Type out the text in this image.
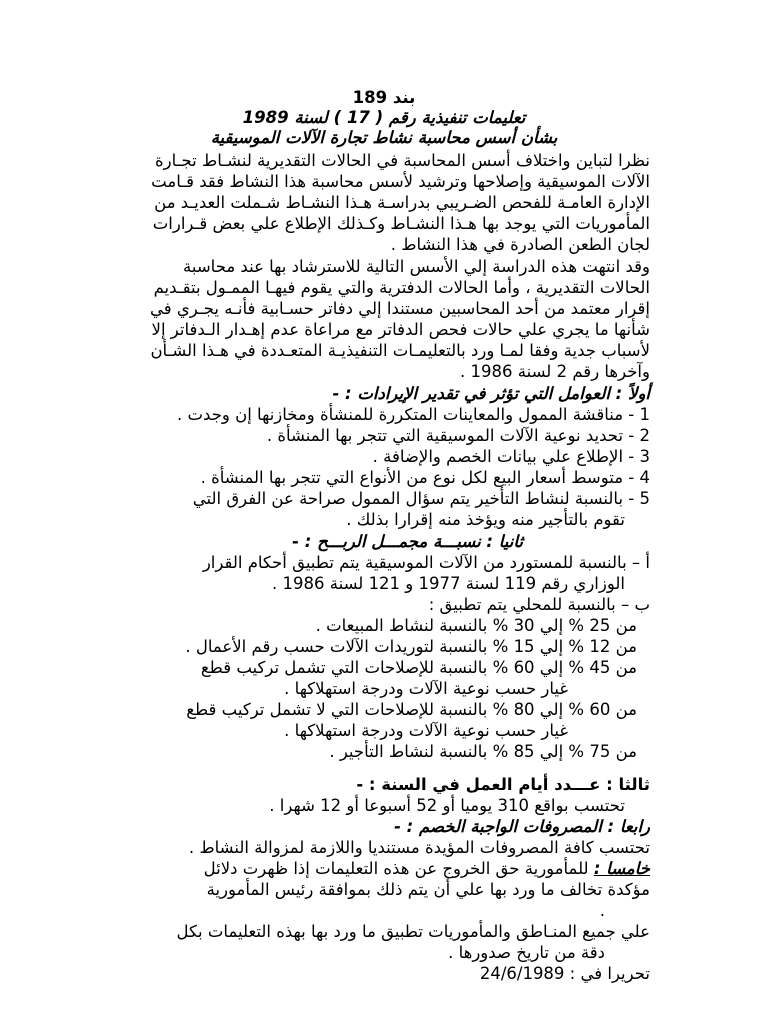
بند 189
تعليمات تنفيذية رقم ( 17 ) لسنة 1989
بشأن أسس محاسبة نشاط تجارة الآلات الموسيقية
نظرا لتباين واختلاف أسس المحاسبة في الحالات التقديرية لنشـاط تجـارة
الآلات الموسيقية وإصلاحها وترشيد لأسس محاسبة هذا النشاط فقد قـامت
الإدارة العامـة للفحص الضـريبي بدراسـة هـذا النشـاط شـملت العديـد من
المأموريات التي يوجد بها هـذا النشـاط وكـذلك الإطلاع علي بعض قـرارات
لجان الطعن الصادرة في هذا النشاط .
وقد انتهت هذه الدراسة إلي الأسس التالية للاسترشاد بها عند محاسبة
الحالات التقديرية ، وأما الحالات الدفترية والتي يقوم فيهـا الممـول بتقـديم
إقرار معتمد من أحد المحاسبين مستندا إلي دفاتر حسـابية فأنـه يجـري في
شأنها ما يجري علي حالات فحص الدفاتر مع مراعاة عدم إهـدار الـدفاتر إلا
لأسباب جدية وفقا لمـا ورد بالتعليمـات التنفيذيـة المتعـددة في هـذا الشـأن
وآخرها رقم 2 لسنة 1986 .
أولاً : العوامل التي تؤثر في تقدير الإيرادات : -
1 - مناقشة الممول والمعاينات المتكررة للمنشأة ومخازنها إن وجدت .
2 - تحديد نوعية الآلات الموسيقية التي تتجر بها المنشأة .
3 - الإطلاع علي بيانات الخصم والإضافة .
4 - متوسط أسعار البيع لكل نوع من الأنواع التي تتجر بها المنشأة .
5 - بالنسبة لنشاط التأخير يتم سؤال الممول صراحة عن الفرق التي
تقوم بالتأجير منه ويؤخذ منه إقرارا بذلك .
ثانيا : نسبـــة مجمـــل الربـــح : -
أ – بالنسبة للمستورد من الآلات الموسيقية يتم تطبيق أحكام القرار
الوزاري رقم 119 لسنة 1977 و 121 لسنة 1986 .
ب – بالنسبة للمحلي يتم تطبيق :
من 25 % إلي 30 % بالنسبة لنشاط المبيعات .
من 12 % إلي 15 % بالنسبة لتوريدات الآلات حسب رقم الأعمال .
من 45 % إلي 60 % بالنسبة للإصلاحات التي تشمل تركيب قطع
غيار حسب نوعية الآلات ودرجة استهلاكها .
من 60 % إلي 80 % بالنسبة للإصلاحات التي لا تشمل تركيب قطع
غيار حسب نوعية الآلات ودرجة استهلاكها .
من 75 % إلي 85 % بالنسبة لنشاط التأجير .
ثالثا : عـــدد أيام العمل في السنة : -
تحتسب بواقع 310 يوميا أو 52 أسبوعا أو 12 شهرا .
رابعا : المصروفات الواجبة الخصم : -
تحتسب كافة المصروفات المؤيدة مستنديا واللازمة لمزوالة النشاط .
خامسا : للمأمورية حق الخروج عن هذه التعليمات إذا ظهرت دلائل
مؤكدة تخالف ما ورد بها علي أن يتم ذلك بموافقة رئيس المأمورية
.
علي جميع المنـاطق والمأموريات تطبيق ما ورد بها بهذه التعليمات بكل
دقة من تاريخ صدورها .
تحريرا في : 24/6/1989
